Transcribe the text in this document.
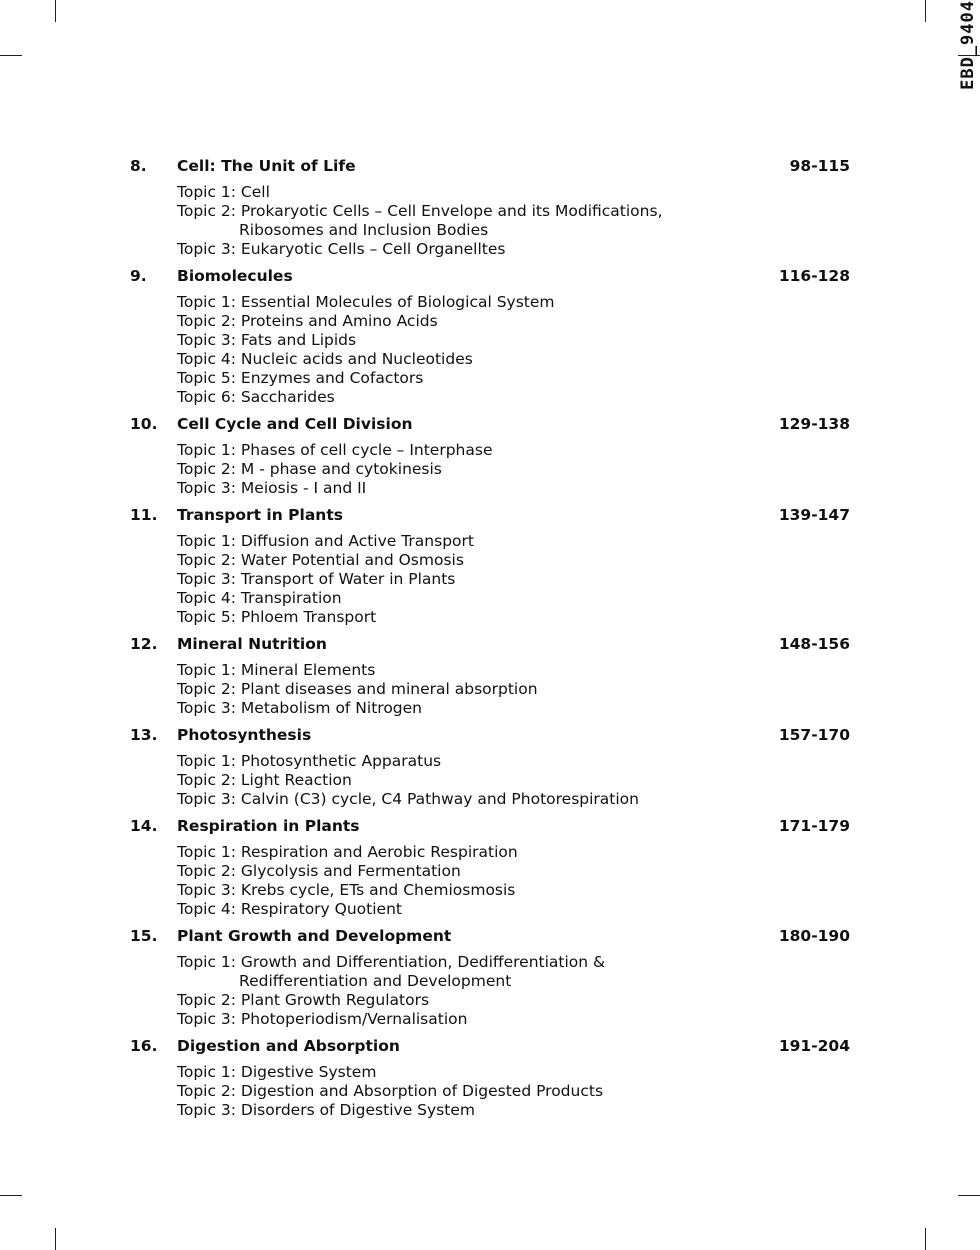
EBD_9404
8.	Cell: The Unit of Life	98-115
Topic 1: Cell
Topic 2: Prokaryotic Cells – Cell Envelope and its Modifications,
Ribosomes and Inclusion Bodies
Topic 3: Eukaryotic Cells – Cell Organelltes
9.	Biomolecules	116-128
Topic 1: Essential Molecules of Biological System
Topic 2: Proteins and Amino Acids
Topic 3: Fats and Lipids
Topic 4: Nucleic acids and Nucleotides
Topic 5: Enzymes and Cofactors
Topic 6: Saccharides
10.	Cell Cycle and Cell Division	129-138
Topic 1: Phases of cell cycle – Interphase
Topic 2: M - phase and cytokinesis
Topic 3: Meiosis - I and II
11.	Transport in Plants	139-147
Topic 1: Diffusion and Active Transport
Topic 2: Water Potential and Osmosis
Topic 3: Transport of Water in Plants
Topic 4: Transpiration
Topic 5: Phloem Transport
12.	Mineral Nutrition	148-156
Topic 1: Mineral Elements
Topic 2: Plant diseases and mineral absorption
Topic 3: Metabolism of Nitrogen
13.	Photosynthesis	157-170
Topic 1: Photosynthetic Apparatus
Topic 2: Light Reaction
Topic 3: Calvin (C3) cycle, C4 Pathway and Photorespiration
14.	Respiration in Plants	171-179
Topic 1: Respiration and Aerobic Respiration
Topic 2: Glycolysis and Fermentation
Topic 3: Krebs cycle, ETs and Chemiosmosis
Topic 4: Respiratory Quotient
15.	Plant Growth and Development	180-190
Topic 1: Growth and Differentiation, Dedifferentiation &
Redifferentiation and Development
Topic 2: Plant Growth Regulators
Topic 3: Photoperiodism/Vernalisation
16.	Digestion and Absorption	191-204
Topic 1: Digestive System
Topic 2: Digestion and Absorption of Digested Products
Topic 3: Disorders of Digestive System
